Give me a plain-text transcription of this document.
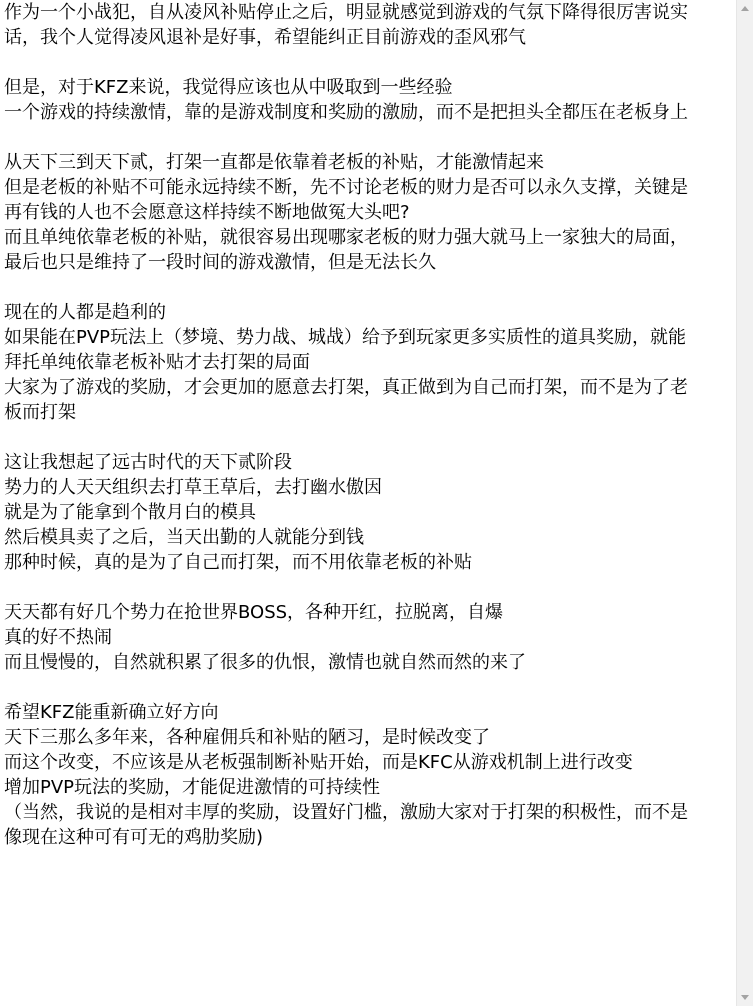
作为一个小战犯，自从凌风补贴停止之后，明显就感觉到游戏的气氛下降得很厉害说实
话，我个人觉得凌风退补是好事，希望能纠正目前游戏的歪风邪气
但是，对于KFZ来说，我觉得应该也从中吸取到一些经验
一个游戏的持续激情，靠的是游戏制度和奖励的激励，而不是把担头全都压在老板身上
从天下三到天下贰，打架一直都是依靠着老板的补贴，才能激情起来
但是老板的补贴不可能永远持续不断，先不讨论老板的财力是否可以永久支撑，关键是
再有钱的人也不会愿意这样持续不断地做冤大头吧?
而且单纯依靠老板的补贴，就很容易出现哪家老板的财力强大就马上一家独大的局面，
最后也只是维持了一段时间的游戏激情，但是无法长久
现在的人都是趋利的
如果能在PVP玩法上（梦境、势力战、城战）给予到玩家更多实质性的道具奖励，就能
拜托单纯依靠老板补贴才去打架的局面
大家为了游戏的奖励，才会更加的愿意去打架，真正做到为自己而打架，而不是为了老
板而打架
这让我想起了远古时代的天下贰阶段
势力的人天天组织去打草王草后，去打幽水傲因
就是为了能拿到个散月白的模具
然后模具卖了之后，当天出勤的人就能分到钱
那种时候，真的是为了自己而打架，而不用依靠老板的补贴
天天都有好几个势力在抢世界BOSS，各种开红，拉脱离，自爆
真的好不热闹
而且慢慢的，自然就积累了很多的仇恨，激情也就自然而然的来了
希望KFZ能重新确立好方向
天下三那么多年来，各种雇佣兵和补贴的陋习，是时候改变了
而这个改变，不应该是从老板强制断补贴开始，而是KFC从游戏机制上进行改变
增加PVP玩法的奖励，才能促进激情的可持续性
（当然，我说的是相对丰厚的奖励，设置好门槛，激励大家对于打架的积极性，而不是
像现在这种可有可无的鸡肋奖励)
